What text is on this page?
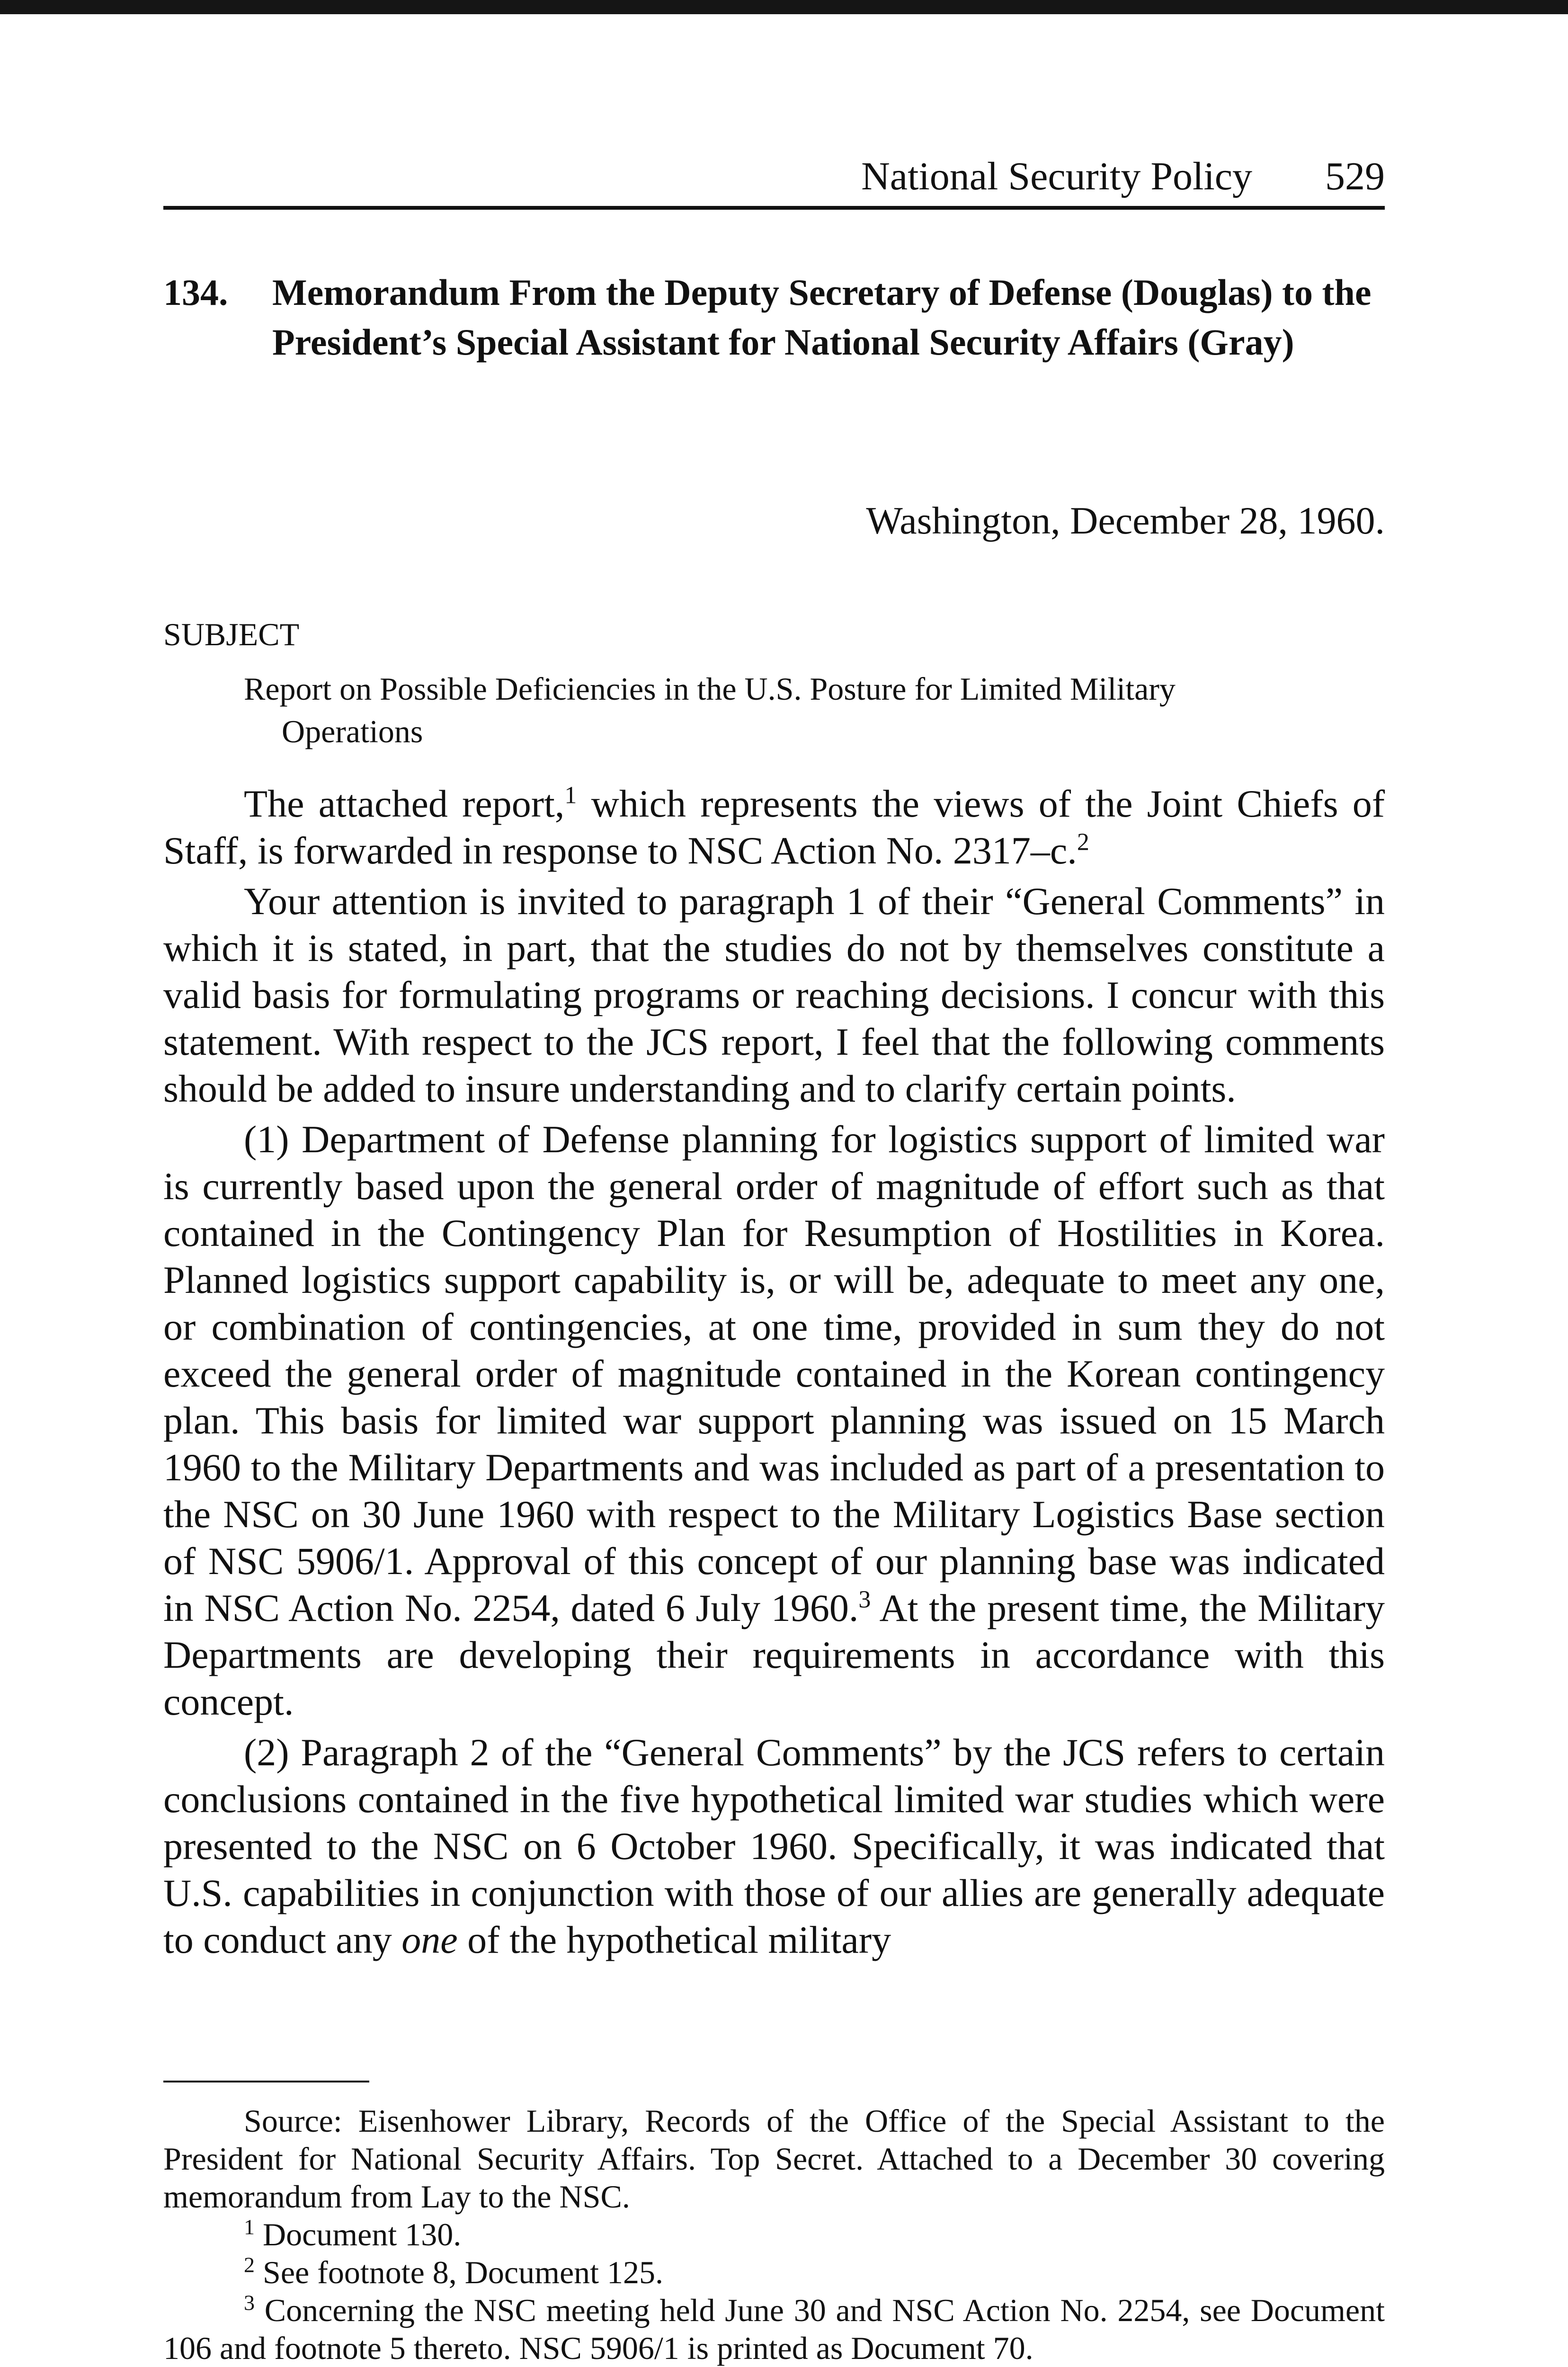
National Security Policy 529
134. Memorandum From the Deputy Secretary of Defense (Douglas) to the President’s Special Assistant for National Security Affairs (Gray)
Washington, December 28, 1960.
SUBJECT
Report on Possible Deficiencies in the U.S. Posture for Limited Military Operations

The attached report,$^1$ which represents the views of the Joint Chiefs of Staff, is forwarded in response to NSC Action No. 2317–c.$^2$

Your attention is invited to paragraph 1 of their “General Comments” in which it is stated, in part, that the studies do not by themselves constitute a valid basis for formulating programs or reaching decisions. I concur with this statement. With respect to the JCS report, I feel that the following comments should be added to insure understanding and to clarify certain points.

(1) Department of Defense planning for logistics support of limited war is currently based upon the general order of magnitude of effort such as that contained in the Contingency Plan for Resumption of Hostilities in Korea. Planned logistics support capability is, or will be, adequate to meet any one, or combination of contingencies, at one time, provided in sum they do not exceed the general order of magnitude contained in the Korean contingency plan. This basis for limited war support planning was issued on 15 March 1960 to the Military Departments and was included as part of a presentation to the NSC on 30 June 1960 with respect to the Military Logistics Base section of NSC 5906/1. Approval of this concept of our planning base was indicated in NSC Action No. 2254, dated 6 July 1960.$^3$ At the present time, the Military Departments are developing their requirements in accordance with this concept.

(2) Paragraph 2 of the “General Comments” by the JCS refers to certain conclusions contained in the five hypothetical limited war studies which were presented to the NSC on 6 October 1960. Specifically, it was indicated that U.S. capabilities in conjunction with those of our allies are generally adequate to conduct any one of the hypothetical military

Source: Eisenhower Library, Records of the Office of the Special Assistant to the President for National Security Affairs. Top Secret. Attached to a December 30 covering memorandum from Lay to the NSC.

$^1$ Document 130.

$^2$ See footnote 8, Document 125.

$^3$ Concerning the NSC meeting held June 30 and NSC Action No. 2254, see Document 106 and footnote 5 thereto. NSC 5906/1 is printed as Document 70.
